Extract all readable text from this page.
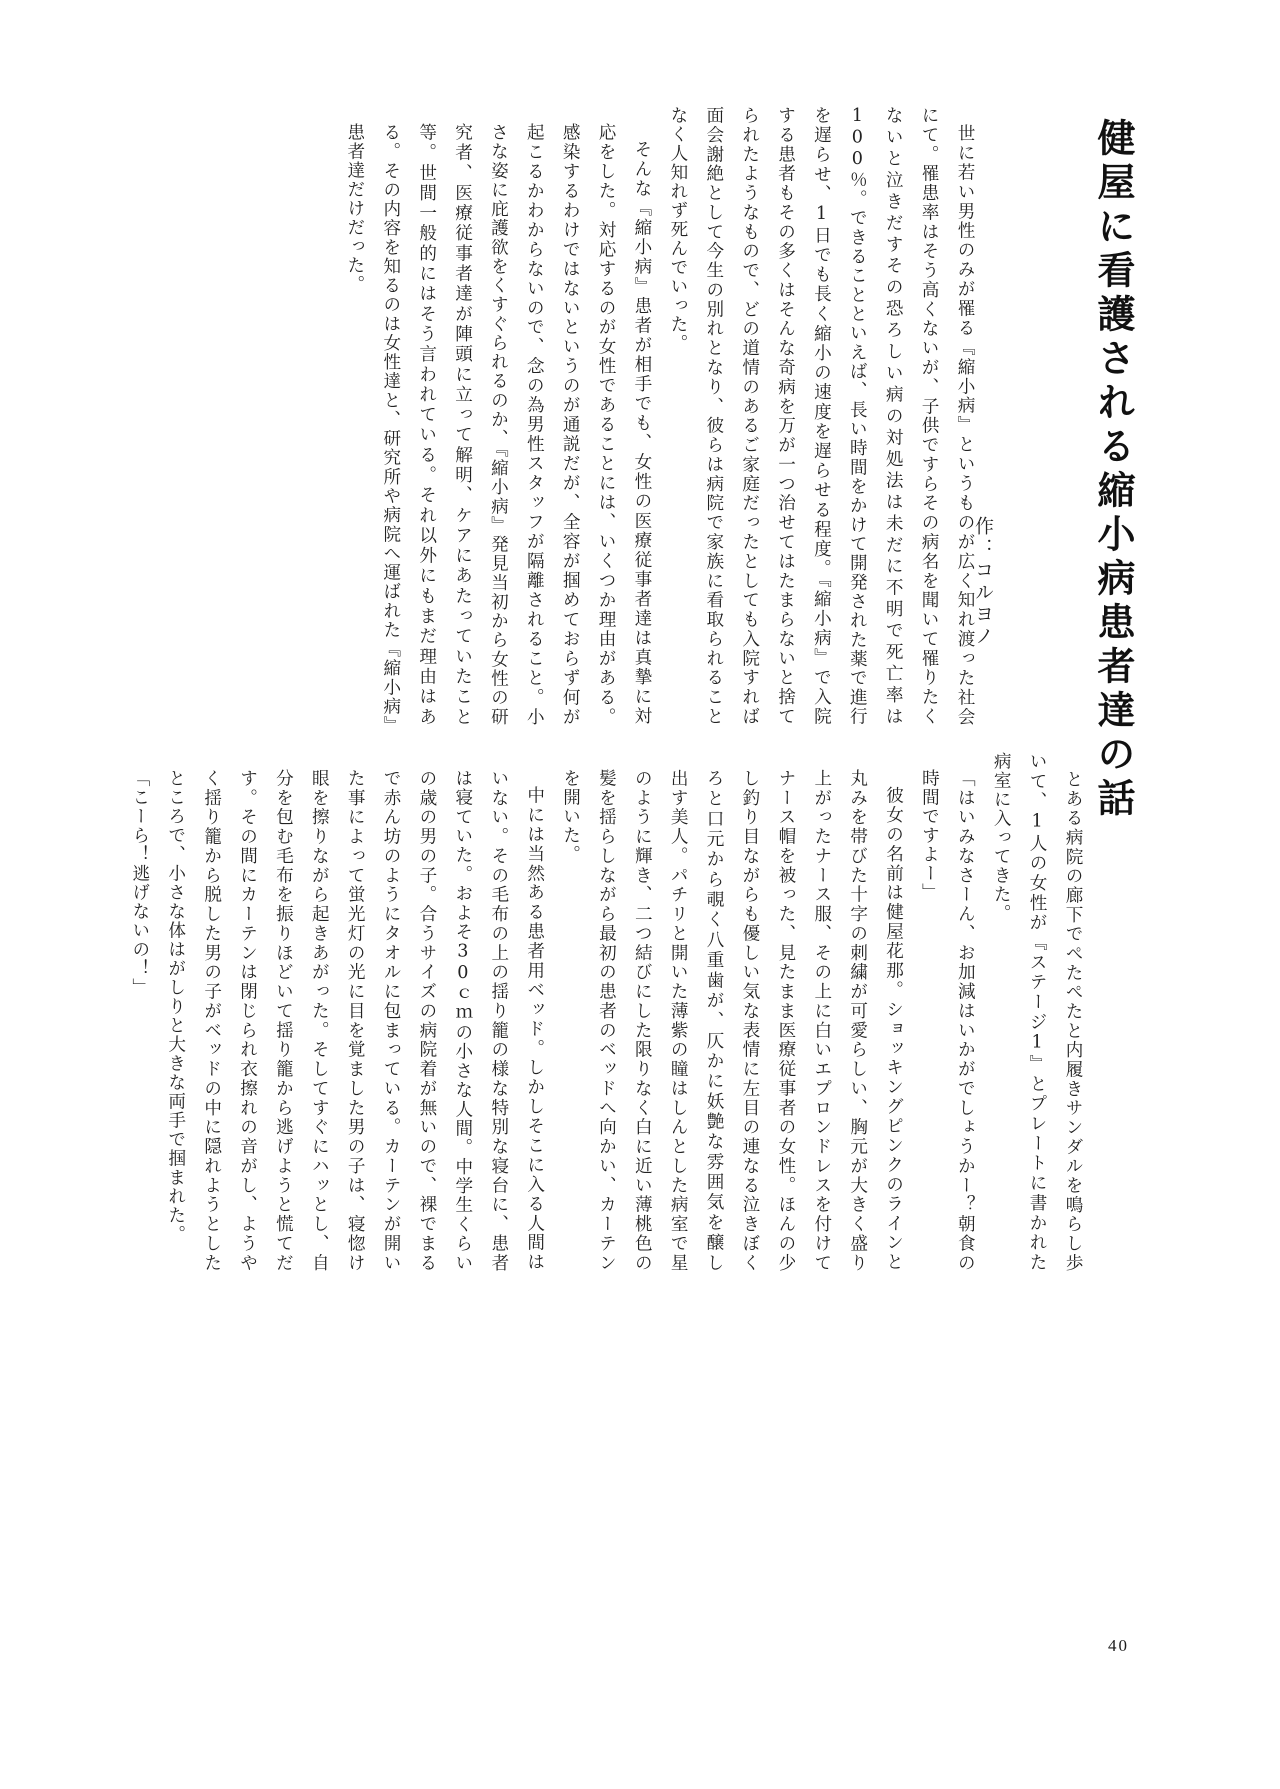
健屋に看護される縮小病患者達の話
作：コルヨノ

世に若い男性のみが罹る『縮小病』というものが広く知れ渡った社会にて。罹患率はそう高くないが、子供ですらその病名を聞いて罹りたくないと泣きだすその恐ろしい病の対処法は未だに不明で死亡率は100％。できることといえば、長い時間をかけて開発された薬で進行を遅らせ、1日でも長く縮小の速度を遅らせる程度。『縮小病』で入院する患者もその多くはそんな奇病を万が一つ治せてはたまらないと捨てられたようなもので、どの道情のあるご家庭だったとしても入院すれば面会謝絶として今生の別れとなり、彼らは病院で家族に看取られることなく人知れず死んでいった。

そんな『縮小病』患者が相手でも、女性の医療従事者達は真摯に対応をした。対応するのが女性であることには、いくつか理由がある。感染するわけではないというのが通説だが、全容が掴めておらず何が起こるかわからないので、念の為男性スタッフが隔離されること。小さな姿に庇護欲をくすぐられるのか、『縮小病』発見当初から女性の研究者、医療従事者達が陣頭に立って解明、ケアにあたっていたこと等。世間一般的にはそう言われている。それ以外にもまだ理由はある。その内容を知るのは女性達と、研究所や病院へ運ばれた『縮小病』患者達だけだった。

とある病院の廊下でぺたぺたと内履きサンダルを鳴らし歩いて、1人の女性が『ステージ1』とプレートに書かれた 病室に入ってきた。

「はいみなさーん、お加減はいかがでしょうかー？朝食の時間ですよー」

彼女の名前は健屋花那。ショッキングピンクのラインと丸みを帯びた十字の刺繍が可愛らしい、胸元が大きく盛り上がったナース服、その上に白いエプロンドレスを付けてナース帽を被った、見たまま医療従事者の女性。ほんの少し釣り目ながらも優しい気な表情に左目の連なる泣きぼくろと口元から覗く八重歯が、仄かに妖艶な雰囲気を醸し 出す美人。パチリと開いた薄紫の瞳はしんとした病室で星のように輝き、二つ結びにした限りなく白に近い薄桃色の髪を揺らしながら最初の患者のベッドへ向かい、カーテンを開いた。

中には当然ある患者用ベッド。しかしそこに入る人間はいない。その毛布の上の揺り籠の様な特別な寝台に、患者は寝ていた。およそ30ｃｍの小さな人間。中学生くらいの歳の男の子。合うサイズの病院着が無いので、裸でまるで赤ん坊のようにタオルに包まっている。カーテンが開いた事によって蛍光灯の光に目を覚ました男の子は、寝惚け眼を擦りながら起きあがった。そしてすぐにハッとし、自分を包む毛布を振りほどいて揺り籠から逃げようと慌てだす。その間にカーテンは閉じられ衣擦れの音がし、ようやく揺り籠から脱した男の子がベッドの中に隠れようとしたところで、小さな体はがしりと大きな両手で掴まれた。

「こーら！逃げないの！」

40
